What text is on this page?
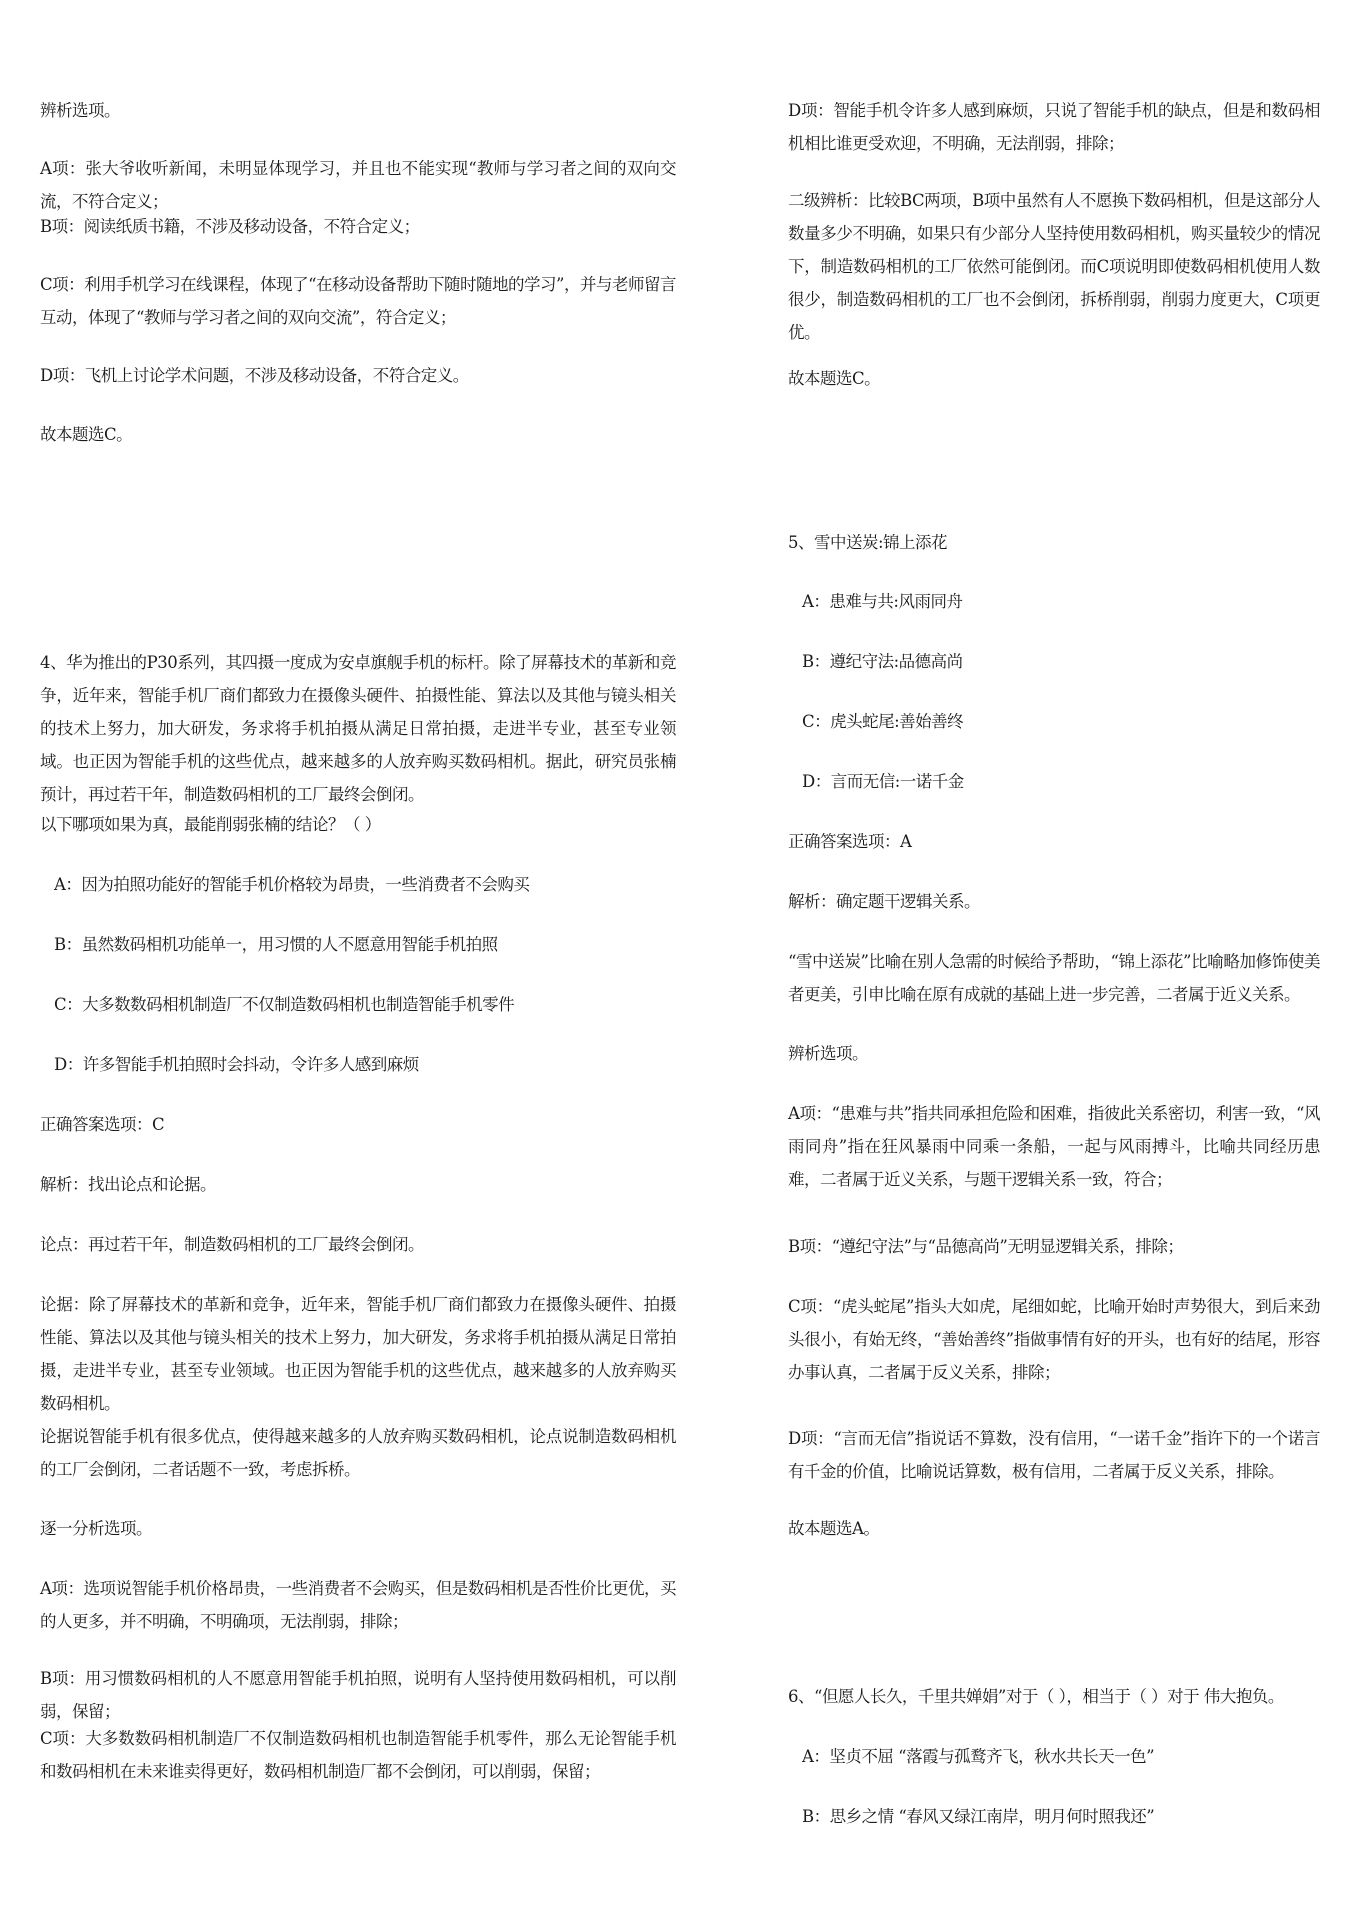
辨析选项。

A项：张大爷收听新闻，未明显体现学习，并且也不能实现“教师与学习者之间的双向交流，不符合定义；

B项：阅读纸质书籍，不涉及移动设备，不符合定义；

C项：利用手机学习在线课程，体现了“在移动设备帮助下随时随地的学习”，并与老师留言互动，体现了“教师与学习者之间的双向交流”，符合定义；

D项：飞机上讨论学术问题，不涉及移动设备，不符合定义。

故本题选C。

4、华为推出的P30系列，其四摄一度成为安卓旗舰手机的标杆。除了屏幕技术的革新和竞争，近年来，智能手机厂商们都致力在摄像头硬件、拍摄性能、算法以及其他与镜头相关的技术上努力，加大研发，务求将手机拍摄从满足日常拍摄，走进半专业，甚至专业领域。也正因为智能手机的这些优点，越来越多的人放弃购买数码相机。据此，研究员张楠预计，再过若干年，制造数码相机的工厂最终会倒闭。

以下哪项如果为真，最能削弱张楠的结论？（ ）

A：因为拍照功能好的智能手机价格较为昂贵，一些消费者不会购买

B：虽然数码相机功能单一，用习惯的人不愿意用智能手机拍照

C：大多数数码相机制造厂不仅制造数码相机也制造智能手机零件

D：许多智能手机拍照时会抖动，令许多人感到麻烦

正确答案选项：C

解析：找出论点和论据。

论点：再过若干年，制造数码相机的工厂最终会倒闭。

论据：除了屏幕技术的革新和竞争，近年来，智能手机厂商们都致力在摄像头硬件、拍摄性能、算法以及其他与镜头相关的技术上努力，加大研发，务求将手机拍摄从满足日常拍摄，走进半专业，甚至专业领域。也正因为智能手机的这些优点，越来越多的人放弃购买数码相机。

论据说智能手机有很多优点，使得越来越多的人放弃购买数码相机，论点说制造数码相机的工厂会倒闭，二者话题不一致，考虑拆桥。

逐一分析选项。

A项：选项说智能手机价格昂贵，一些消费者不会购买，但是数码相机是否性价比更优，买的人更多，并不明确，不明确项，无法削弱，排除；

B项：用习惯数码相机的人不愿意用智能手机拍照，说明有人坚持使用数码相机，可以削弱，保留；

C项：大多数数码相机制造厂不仅制造数码相机也制造智能手机零件，那么无论智能手机和数码相机在未来谁卖得更好，数码相机制造厂都不会倒闭，可以削弱，保留；

D项：智能手机令许多人感到麻烦，只说了智能手机的缺点，但是和数码相机相比谁更受欢迎，不明确，无法削弱，排除；

二级辨析：比较BC两项，B项中虽然有人不愿换下数码相机，但是这部分人数量多少不明确，如果只有少部分人坚持使用数码相机，购买量较少的情况下，制造数码相机的工厂依然可能倒闭。而C项说明即使数码相机使用人数很少，制造数码相机的工厂也不会倒闭，拆桥削弱，削弱力度更大，C项更优。

故本题选C。

5、雪中送炭:锦上添花

A：患难与共:风雨同舟

B：遵纪守法:品德高尚

C：虎头蛇尾:善始善终

D：言而无信:一诺千金

正确答案选项：A

解析：确定题干逻辑关系。

“雪中送炭”比喻在别人急需的时候给予帮助，“锦上添花”比喻略加修饰使美者更美，引申比喻在原有成就的基础上进一步完善，二者属于近义关系。

辨析选项。

A项：“患难与共”指共同承担危险和困难，指彼此关系密切，利害一致，“风雨同舟”指在狂风暴雨中同乘一条船，一起与风雨搏斗，比喻共同经历患难，二者属于近义关系，与题干逻辑关系一致，符合；

B项：“遵纪守法”与“品德高尚”无明显逻辑关系，排除；

C项：“虎头蛇尾”指头大如虎，尾细如蛇，比喻开始时声势很大，到后来劲头很小，有始无终，“善始善终”指做事情有好的开头，也有好的结尾，形容办事认真，二者属于反义关系，排除；

D项：“言而无信”指说话不算数，没有信用，“一诺千金”指许下的一个诺言有千金的价值，比喻说话算数，极有信用，二者属于反义关系，排除。

故本题选A。

6、“但愿人长久，千里共婵娟”对于（ ），相当于（ ）对于 伟大抱负。

A：坚贞不屈 “落霞与孤鹜齐飞，秋水共长天一色”

B：思乡之情 “春风又绿江南岸，明月何时照我还”
